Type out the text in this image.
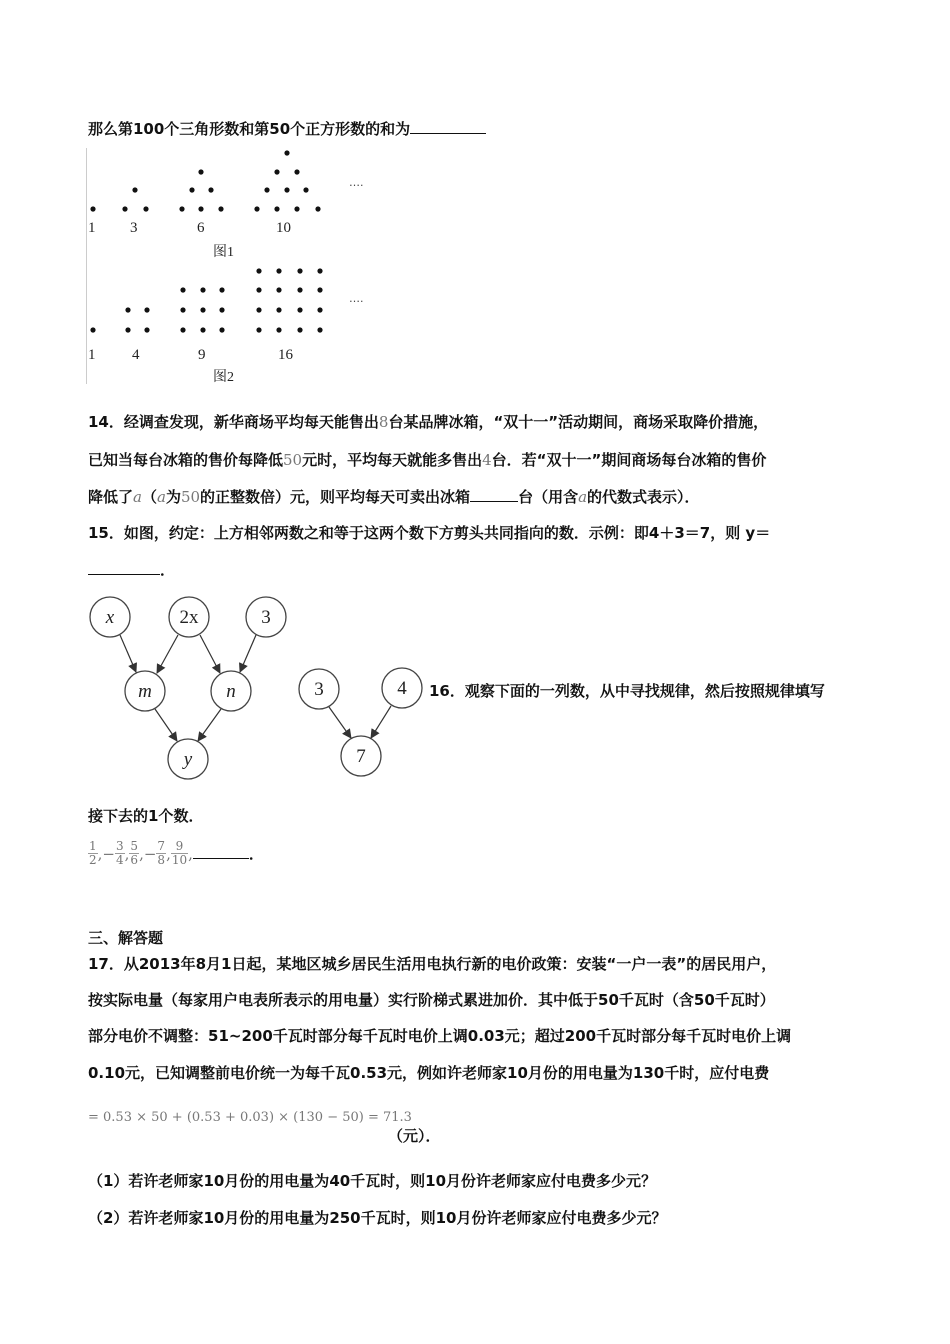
那么第100个三角形数和第50个正方形数的和为
1 3	6	10
图1
….
1 4	9	16
图2
….
14．经调查发现，新华商场平均每天能售出8台某品牌冰箱，“双十一”活动期间，商场采取降价措施，
已知当每台冰箱的售价每降低50元时，平均每天就能多售出4台．若“双十一”期间商场每台冰箱的售价
降低了a（a为50的正整数倍）元，则平均每天可卖出冰箱	台（用含a的代数式表示）．
15．如图，约定：上方相邻两数之和等于这两个数下方剪头共同指向的数．示例：即4＋3＝7，则 y＝
．
x	2x	3
m	n
y
3	4
7
16．观察下面的一列数，从中寻找规律，然后按照规律填写
接下去的1个数．
$\frac{1}{2}$ , − $\frac{3}{4}$ , $\frac{5}{6}$ , − $\frac{7}{8}$ , $\frac{9}{10}$ ,	．
三、解答题
17．从2013年8月1日起，某地区城乡居民生活用电执行新的电价政策：安装“一户一表”的居民用户，
按实际电量（每家用户电表所表示的用电量）实行阶梯式累进加价．其中低于50千瓦时（含50千瓦时）
部分电价不调整：51~200千瓦时部分每千瓦时电价上调0.03元；超过200千瓦时部分每千瓦时电价上调
0.10元，已知调整前电价统一为每千瓦0.53元，例如许老师家10月份的用电量为130千时，应付电费
= 0.53 × 50 + (0.53 + 0.03) × (130 − 50) = 71.3
（元）．
（1）若许老师家10月份的用电量为40千瓦时，则10月份许老师家应付电费多少元？
（2）若许老师家10月份的用电量为250千瓦时，则10月份许老师家应付电费多少元？
